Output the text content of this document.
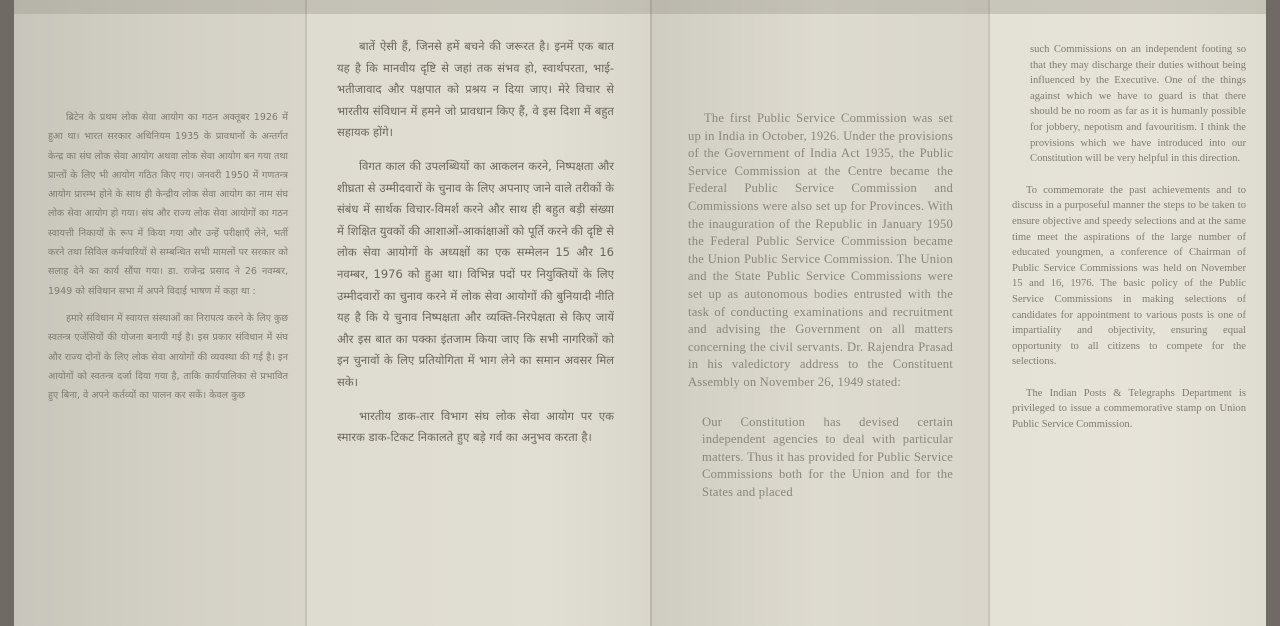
ब्रिटेन के प्रथम लोक सेवा आयोग का गठन अक्तूबर 1926 में हुआ था। भारत सरकार अधिनियम 1935 के प्रावधानों के अन्तर्गत केन्द्र का संघ लोक सेवा आयोग अथवा लोक सेवा आयोग बन गया तथा प्रान्तों के लिए भी आयोग गठित किए गए। जनवरी 1950 में गणतन्त्र आयोग प्रारम्भ होने के साथ ही केन्द्रीय लोक सेवा आयोग का नाम संघ लोक सेवा आयोग हो गया। संघ और राज्य लोक सेवा आयोगों का गठन स्वायत्ती निकायों के रूप में किया गया और उन्हें परीक्षाएँ लेने, भर्ती करने तथा सिविल कर्मचारियों से सम्बन्धित सभी मामलों पर सरकार को सलाह देने का कार्य सौंपा गया। डा. राजेन्द्र प्रसाद ने 26 नवम्बर, 1949 को संविधान सभा में अपने विदाई भाषण में कहा था :

हमारे संविधान में स्वायत्त संस्थाओं का निरापत्य करने के लिए कुछ स्वतन्त्र एजेंसियों की योजना बनायी गई है। इस प्रकार संविधान में संघ और राज्य दोनों के लिए लोक सेवा आयोगों की व्यवस्था की गई है। इन आयोगों को स्वतन्त्र दर्जा दिया गया है, ताकि कार्यपालिका से प्रभावित हुए बिना, वे अपने कर्तव्यों का पालन कर सकें। केवल कुछ

बातें ऐसी हैं, जिनसे हमें बचने की जरूरत है। इनमें एक बात यह है कि मानवीय दृष्टि से जहां तक संभव हो, स्वार्थपरता, भाई-भतीजावाद और पक्षपात को प्रश्रय न दिया जाए। मेरे विचार से भारतीय संविधान में हमने जो प्रावधान किए हैं, वे इस दिशा में बहुत सहायक होंगे।

विगत काल की उपलब्धियों का आकलन करने, निष्पक्षता और शीघ्रता से उम्मीदवारों के चुनाव के लिए अपनाए जाने वाले तरीकों के संबंध में सार्थक विचार-विमर्श करने और साथ ही बहुत बड़ी संख्या में शिक्षित युवकों की आशाओं-आकांक्षाओं को पूर्ति करने की दृष्टि से लोक सेवा आयोगों के अध्यक्षों का एक सम्मेलन 15 और 16 नवम्बर, 1976 को हुआ था। विभिन्न पदों पर नियुक्तियों के लिए उम्मीदवारों का चुनाव करने में लोक सेवा आयोगों की बुनियादी नीति यह है कि ये चुनाव निष्पक्षता और व्यक्ति-निरपेक्षता से किए जायें और इस बात का पक्का इंतजाम किया जाए कि सभी नागरिकों को इन चुनावों के लिए प्रतियोगिता में भाग लेने का समान अवसर मिल सके।

भारतीय डाक-तार विभाग संघ लोक सेवा आयोग पर एक स्मारक डाक-टिकट निकालते हुए बड़े गर्व का अनुभव करता है।

The first Public Service Commission was set up in India in October, 1926. Under the provisions of the Government of India Act 1935, the Public Service Commission at the Centre became the Federal Public Service Commission and Commissions were also set up for Provinces. With the inauguration of the Republic in January 1950 the Federal Public Service Commission became the Union Public Service Commission. The Union and the State Public Service Commissions were set up as autonomous bodies entrusted with the task of conducting examinations and recruitment and advising the Government on all matters concerning the civil servants. Dr. Rajendra Prasad in his valedictory address to the Constituent Assembly on November 26, 1949 stated:

Our Constitution has devised certain independent agencies to deal with particular matters. Thus it has provided for Public Service Commissions both for the Union and for the States and placed

such Commissions on an independent footing so that they may discharge their duties without being influenced by the Executive. One of the things against which we have to guard is that there should be no room as far as it is humanly possible for jobbery, nepotism and favouritism. I think the provisions which we have introduced into our Constitution will be very helpful in this direction.

To commemorate the past achievements and to discuss in a purposeful manner the steps to be taken to ensure objective and speedy selections and at the same time meet the aspirations of the large number of educated youngmen, a conference of Chairman of Public Service Commissions was held on November 15 and 16, 1976. The basic policy of the Public Service Commissions in making selections of candidates for appointment to various posts is one of impartiality and objectivity, ensuring equal opportunity to all citizens to compete for the selections.

The Indian Posts & Telegraphs Department is privileged to issue a commemorative stamp on Union Public Service Commission.
